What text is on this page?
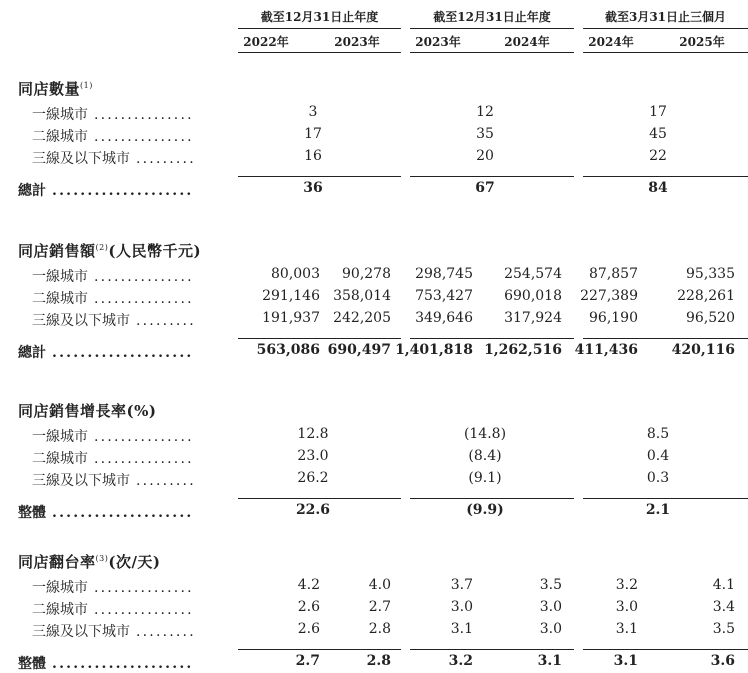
截至12月31日止年度	截至12月31日止年度	截至3月31日止三個月
2022年	2023年	2023年	2024年	2024年	2025年
同店數量$^{(1)}$
一線城市 ...............	3	12	17
二線城市 ...............	17	35	45
三線及以下城市 .........	16	20	22
總計 ....................	36	67	84
同店銷售額$^{(2)}$(人民幣千元)
一線城市 ...............	80,003	90,278	298,745	254,574	87,857	95,335
二線城市 ...............	291,146 358,014	753,427	690,018	227,389	228,261
三線及以下城市 .........	191,937 242,205	349,646	317,924	96,190	96,520
總計 ....................	563,086 690,497 1,401,818 1,262,516 411,436	420,116
同店銷售增長率(%)
一線城市 ...............	12.8	(14.8)	8.5
二線城市 ...............	23.0	(8.4)	0.4
三線及以下城市 .........	26.2	(9.1)	0.3
整體 ....................	22.6	(9.9)	2.1
同店翻台率$^{(3)}$(次/天)
一線城市 ...............	4.2	4.0	3.7	3.5	3.2	4.1
二線城市 ...............	2.6	2.7	3.0	3.0	3.0	3.4
三線及以下城市 .........	2.6	2.8	3.1	3.0	3.1	3.5
整體 ....................	2.7	2.8	3.2	3.1	3.1	3.6
